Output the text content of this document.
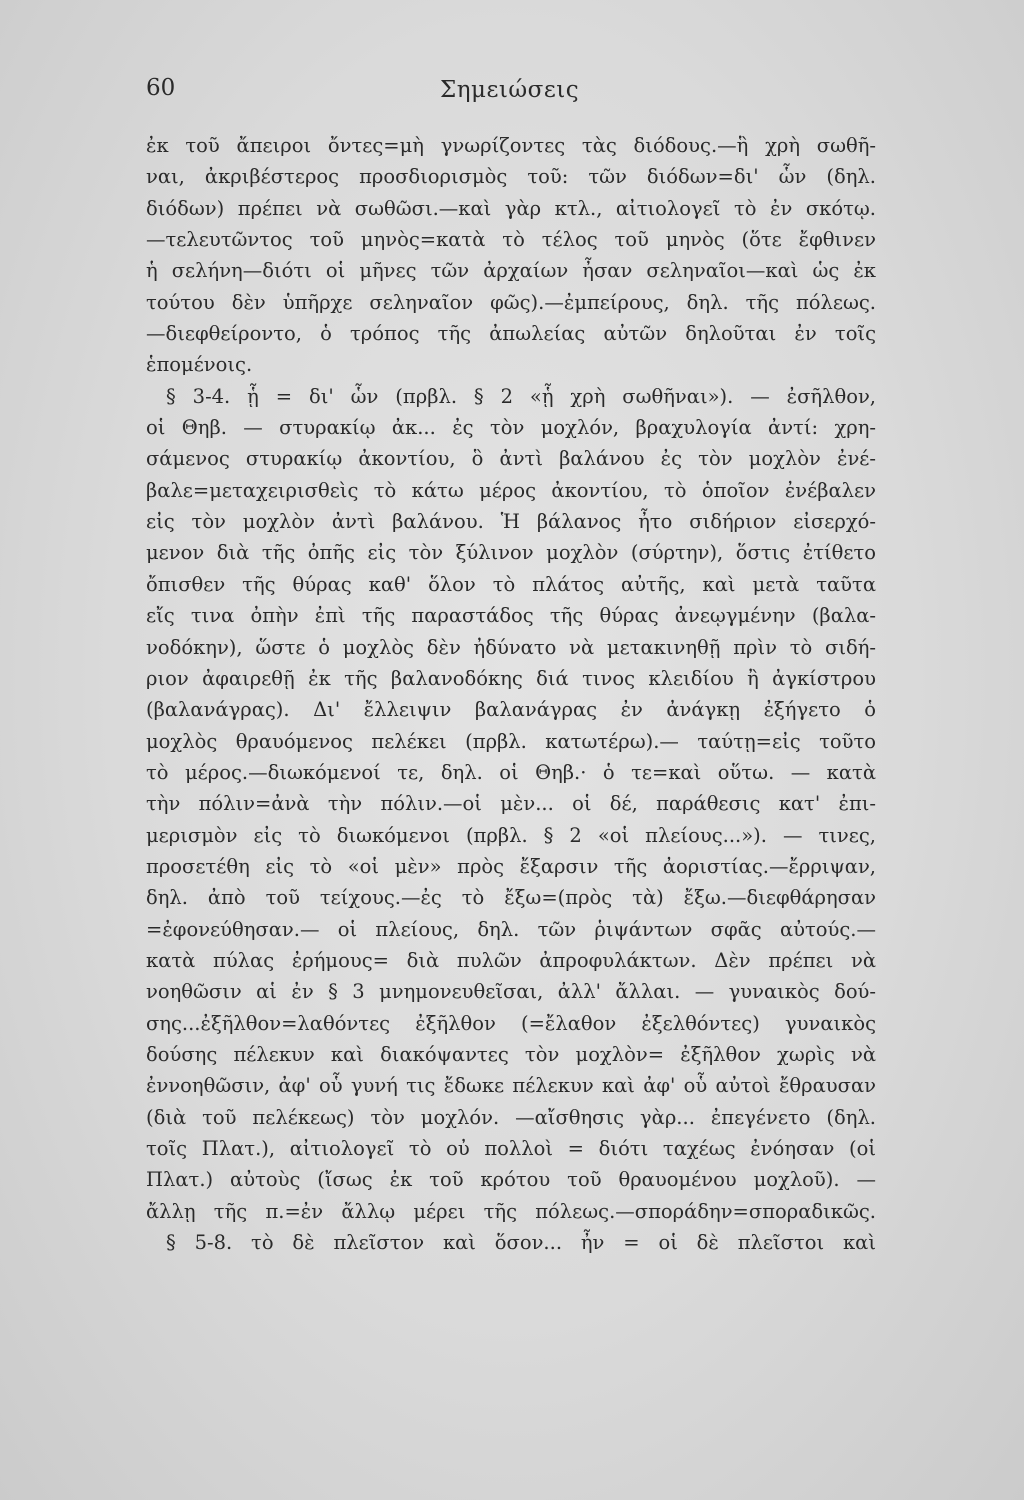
60	Σημειώσεις
ἐκ τοῦ ἄπειροι ὄντες=μὴ γνωρίζοντες τὰς διόδους.—ἣ χρὴ σωθῆ-
ναι, ἀκριβέστερος προσδιορισμὸς τοῦ: τῶν διόδων=δι' ὧν (δηλ.
διόδων) πρέπει νὰ σωθῶσι.—καὶ γὰρ κτλ., αἰτιολογεῖ τὸ ἐν σκότῳ.
—τελευτῶντος τοῦ μηνὸς=κατὰ τὸ τέλος τοῦ μηνὸς (ὅτε ἔφθινεν
ἡ σελήνη—διότι οἱ μῆνες τῶν ἀρχαίων ἦσαν σεληναῖοι—καὶ ὡς ἐκ
τούτου δὲν ὑπῆρχε σεληναῖον φῶς).—ἐμπείρους, δηλ. τῆς πόλεως.
—διεφθείροντο, ὁ τρόπος τῆς ἀπωλείας αὐτῶν δηλοῦται ἐν τοῖς
ἑπομένοις.
§ 3-4. ᾗ = δι' ὧν (πρβλ. § 2 «ᾗ χρὴ σωθῆναι»). — ἐσῆλθον,
οἱ Θηβ. — στυρακίῳ ἀκ... ἐς τὸν μοχλόν, βραχυλογία ἀντί: χρη-
σάμενος στυρακίῳ ἀκοντίου, ὃ ἀντὶ βαλάνου ἐς τὸν μοχλὸν ἐνέ-
βαλε=μεταχειρισθεὶς τὸ κάτω μέρος ἀκοντίου, τὸ ὁποῖον ἐνέβαλεν
εἰς τὸν μοχλὸν ἀντὶ βαλάνου. Ἡ βάλανος ἦτο σιδήριον εἰσερχό-
μενον διὰ τῆς ὀπῆς εἰς τὸν ξύλινον μοχλὸν (σύρτην), ὅστις ἐτίθετο
ὄπισθεν τῆς θύρας καθ' ὅλον τὸ πλάτος αὐτῆς, καὶ μετὰ ταῦτα
εἴς τινα ὀπὴν ἐπὶ τῆς παραστάδος τῆς θύρας ἀνεῳγμένην (βαλα-
νοδόκην), ὥστε ὁ μοχλὸς δὲν ἠδύνατο νὰ μετακινηθῇ πρὶν τὸ σιδή-
ριον ἀφαιρεθῇ ἐκ τῆς βαλανοδόκης διά τινος κλειδίου ἢ ἀγκίστρου
(βαλανάγρας). Δι' ἔλλειψιν βαλανάγρας ἐν ἀνάγκῃ ἐξήγετο ὁ
μοχλὸς θραυόμενος πελέκει (πρβλ. κατωτέρω).— ταύτῃ=εἰς τοῦτο
τὸ μέρος.—διωκόμενοί τε, δηλ. οἱ Θηβ.· ὁ τε=καὶ οὕτω. — κατὰ
τὴν πόλιν=ἀνὰ τὴν πόλιν.—οἱ μὲν... οἱ δέ, παράθεσις κατ' ἐπι-
μερισμὸν εἰς τὸ διωκόμενοι (πρβλ. § 2 «οἱ πλείους...»). — τινες,
προσετέθη εἰς τὸ «οἱ μὲν» πρὸς ἔξαρσιν τῆς ἀοριστίας.—ἔρριψαν,
δηλ. ἀπὸ τοῦ τείχους.—ἐς τὸ ἔξω=(πρὸς τὰ) ἔξω.—διεφθάρησαν
=ἐφονεύθησαν.— οἱ πλείους, δηλ. τῶν ῥιψάντων σφᾶς αὐτούς.—
κατὰ πύλας ἐρήμους= διὰ πυλῶν ἀπροφυλάκτων. Δὲν πρέπει νὰ
νοηθῶσιν αἱ ἐν § 3 μνημονευθεῖσαι, ἀλλ' ἄλλαι. — γυναικὸς δού-
σης...ἐξῆλθον=λαθόντες ἐξῆλθον (=ἔλαθον ἐξελθόντες) γυναικὸς
δούσης πέλεκυν καὶ διακόψαντες τὸν μοχλὸν= ἐξῆλθον χωρὶς νὰ
ἐννοηθῶσιν, ἀφ' οὗ γυνή τις ἔδωκε πέλεκυν καὶ ἀφ' οὗ αὐτοὶ ἔθραυσαν
(διὰ τοῦ πελέκεως) τὸν μοχλόν. —αἴσθησις γὰρ... ἐπεγένετο (δηλ.
τοῖς Πλατ.), αἰτιολογεῖ τὸ οὐ πολλοὶ = διότι ταχέως ἐνόησαν (οἱ
Πλατ.) αὐτοὺς (ἴσως ἐκ τοῦ κρότου τοῦ θραυομένου μοχλοῦ). —
ἄλλῃ τῆς π.=ἐν ἄλλῳ μέρει τῆς πόλεως.—σποράδην=σποραδικῶς.
§ 5-8. τὸ δὲ πλεῖστον καὶ ὅσον... ἦν = οἱ δὲ πλεῖστοι καὶ
